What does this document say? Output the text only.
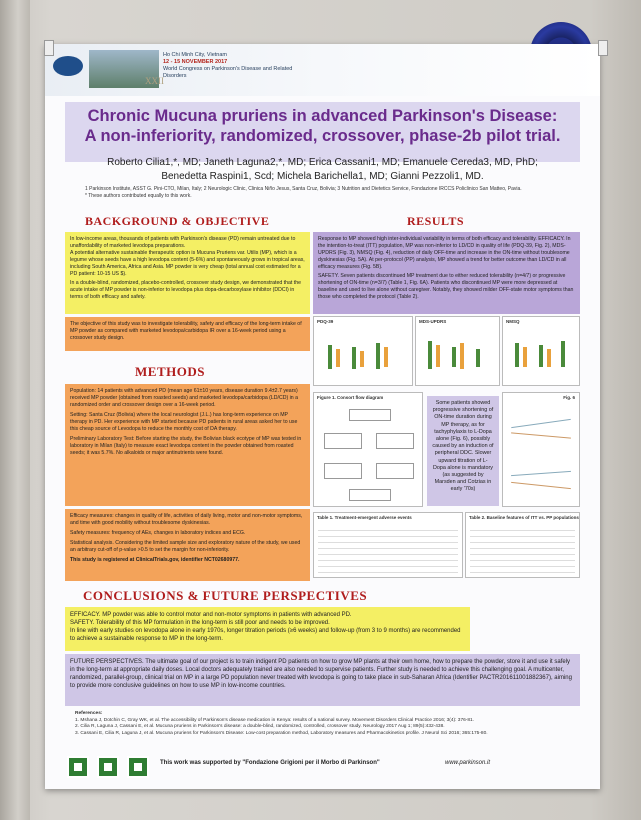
Ho Chi Minh City, Vietnam
12 - 15 NOVEMBER 2017
World Congress on Parkinson's Disease and Related Disorders
XXII
Chronic Mucuna pruriens in advanced Parkinson's Disease:
A non-inferiority, randomized, crossover, phase-2b pilot trial.
Roberto Cilia1,*, MD; Janeth Laguna2,*, MD; Erica Cassani1, MD; Emanuele Cereda3, MD, PhD;
Benedetta Raspini1, Scd; Michela Barichella1, MD; Gianni Pezzoli1, MD.
1 Parkinson Institute, ASST G. Pini-CTO, Milan, Italy; 2 Neurologic Clinic, Clinica Niño Jesus, Santa Cruz, Bolivia; 3 Nutrition and Dietetics Service, Fondazione IRCCS Policlinico San Matteo, Pavia.
* These authors contributed equally to this work.
BACKGROUND & OBJECTIVE
In low-income areas, thousands of patients with Parkinson's disease (PD) remain untreated due to unaffordability of marketed levodopa preparations.
A potential alternative sustainable therapeutic option is Mucuna Pruriens var. Utilis (MP), which is a legume whose seeds have a high levodopa content (5-6%) and spontaneously grows in tropical areas, including South America, Africa and Asia. MP powder is very cheap (total annual cost estimated for a PD patient: 10-15 US $).
In a double-blind, randomized, placebo-controlled, crossover study design, we demonstrated that the acute intake of MP powder is non-inferior to levodopa plus dopa-decarboxylase inhibitor (DDCI) in terms of both efficacy and safety.
The objective of this study was to investigate tolerability, safety and efficacy of the long-term intake of MP powder as compared with marketed levodopa/carbidopa IR over a 16-week period using a crossover study design.
RESULTS
Response to MP showed high inter-individual variability in terms of both efficacy and tolerability. EFFICACY. In the intention-to-treat (ITT) population, MP was non-inferior to LD/CD in quality of life (PDQ-39, Fig. 2), MDS-UPDRS (Fig. 3), NMSQ (Fig. 4), reduction of daily OFF-time and increase in the ON-time without troublesome dyskinesias (Fig. 5A). At per-protocol (PP) analysis, MP showed a trend for better outcome than LD/CD in all efficacy measures (Fig. 5B).
SAFETY. Seven patients discontinued MP treatment due to either reduced tolerability (n=4/7) or progressive shortening of ON-time (n=3/7) (Table 1, Fig. 6A). Patients who discontinued MP were more depressed at baseline and used to live alone without caregiver. Notably, they showed milder OFF-state motor symptoms than those who completed the protocol (Table 2).
PDQ-39	MDS-UPDRS	NMSQ
METHODS
Population: 14 patients with advanced PD (mean age 61±10 years, disease duration 9.4±2.7 years) received MP powder (obtained from roasted seeds) and marketed levodopa/carbidopa (LD/CD) in a randomized order and crossover design over a 16-week period.
Setting: Santa Cruz (Bolivia) where the local neurologist (J.L.) has long-term experience on MP therapy in PD. Her experience with MP started because PD patients in rural areas asked her to use this cheap source of Levodopa to reduce the monthly cost of DA therapy.
Preliminary Laboratory Test: Before starting the study, the Bolivian black ecotype of MP was tested in laboratory in Milan (Italy) to measure exact levodopa content in the powder obtained from roasted seeds; it was 5.7%. No alkaloids or major antinutrients were found.
Figure 1. Consort flow diagram
Some patients showed progressive shortening of ON-time duration during MP therapy, as for tachyphylaxis to L-Dopa alone (Fig. 6), possibly caused by an induction of peripheral DDC. Slower upward titration of L-Dopa alone is mandatory (as suggested by Marsden and Cotzias in early '70s)
Fig. 6
Efficacy measures: changes in quality of life, activities of daily living, motor and non-motor symptoms, and time with good mobility without troublesome dyskinesias.
Safety measures: frequency of AEs, changes in laboratory indices and ECG.
Statistical analysis. Considering the limited sample size and exploratory nature of the study, we used an arbitrary cut-off of p-value >0.5 to set the margin for non-inferiority.
This study is registered at ClinicalTrials.gov, identifier NCT02680977.
Table 1. Treatment-emergent adverse events	Table 2. Baseline features of ITT vs. PP populations
CONCLUSIONS & FUTURE PERSPECTIVES
EFFICACY. MP powder was able to control motor and non-motor symptoms in patients with advanced PD.
SAFETY. Tolerability of this MP formulation in the long-term is still poor and needs to be improved.
In line with early studies on levodopa alone in early 1970s, longer titration periods (≥6 weeks) and follow-up (from 3 to 9 months) are recommended to achieve a sustainable response to MP in the long-term.
FUTURE PERSPECTIVES. The ultimate goal of our project is to train indigent PD patients on how to grow MP plants at their own home, how to prepare the powder, store it and use it safely in the long-term at appropriate daily doses. Local doctors adequately trained are also needed to supervise patients. Further study is needed to achieve this challenging goal. A multicenter, randomized, parallel-group, clinical trial on MP in a large PD population never treated with levodopa is going to take place in sub-Saharan Africa (Identifier PACTR201611001882367), aiming to provide more conclusive guidelines on how to use MP in low-income countries.
References:
1. Mshana J, Dotchin C, Gray WK, et al. The accessibility of Parkinson's disease medication in Kenya: results of a national survey. Movement Disorders Clinical Practice 2016; 3(4): 376-81.
2. Cilia R, Laguna J, Cassani E, et al. Mucuna pruriens in Parkinson's disease: a double-blind, randomized, controlled, crossover study. Neurology 2017 Aug 1; 89(5):432-438.
3. Cassani E, Cilia R, Laguna J, et al. Mucuna pruriens for Parkinson's Disease: Low-cost preparation method, Laboratory measures and Pharmacokinetics profile. J Neurol Sci 2016; 365:175-80.
This work was supported by "Fondazione Grigioni per il Morbo di Parkinson"	www.parkinson.it
